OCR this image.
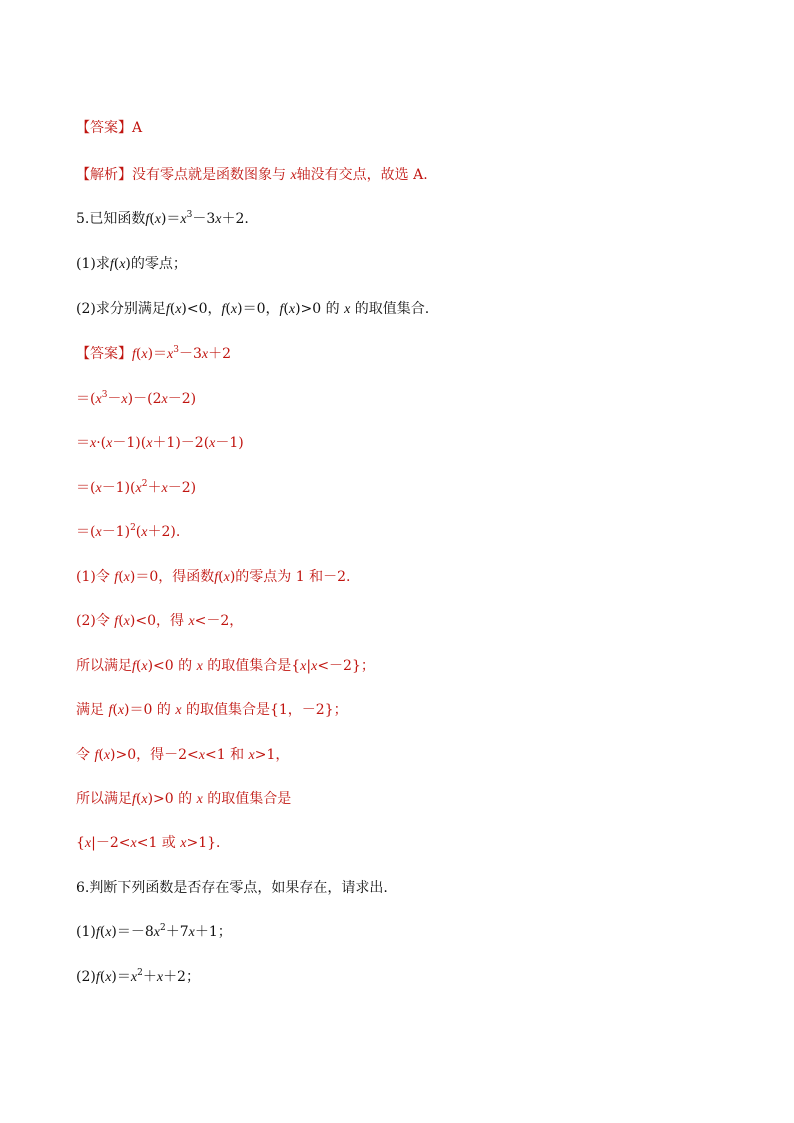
【答案】A
【解析】没有零点就是函数图象与 x轴没有交点，故选 A.
5.已知函数$f(x)=x^3-3x+2$.
(1)求f(x)的零点；
(2)求分别满足f(x)<0，f(x)＝0，f(x)>0 的 x 的取值集合.
【答案】$f(x)=x^3-3x+2$
$=(x^3-x)-(2x-2)$
＝x·(x－1)(x＋1)－2(x－1)
$=(x-1)(x^2+x-2)$
$=(x-1)^2(x+2)$.
(1)令 f(x)＝0，得函数f(x)的零点为 1 和－2.
(2)令 f(x)<0，得 x<－2，
所以满足f(x)<0 的 x 的取值集合是{x|x<－2}；
满足 f(x)＝0 的 x 的取值集合是{1，－2}；
令 f(x)>0，得－2<x<1 和 x>1，
所以满足f(x)>0 的 x 的取值集合是
{x|－2<x<1 或 x>1}．
6.判断下列函数是否存在零点，如果存在，请求出.
$(1)f(x)=-8x^2+7x+1$；
$(2)f(x)=x^2+x+2$；
